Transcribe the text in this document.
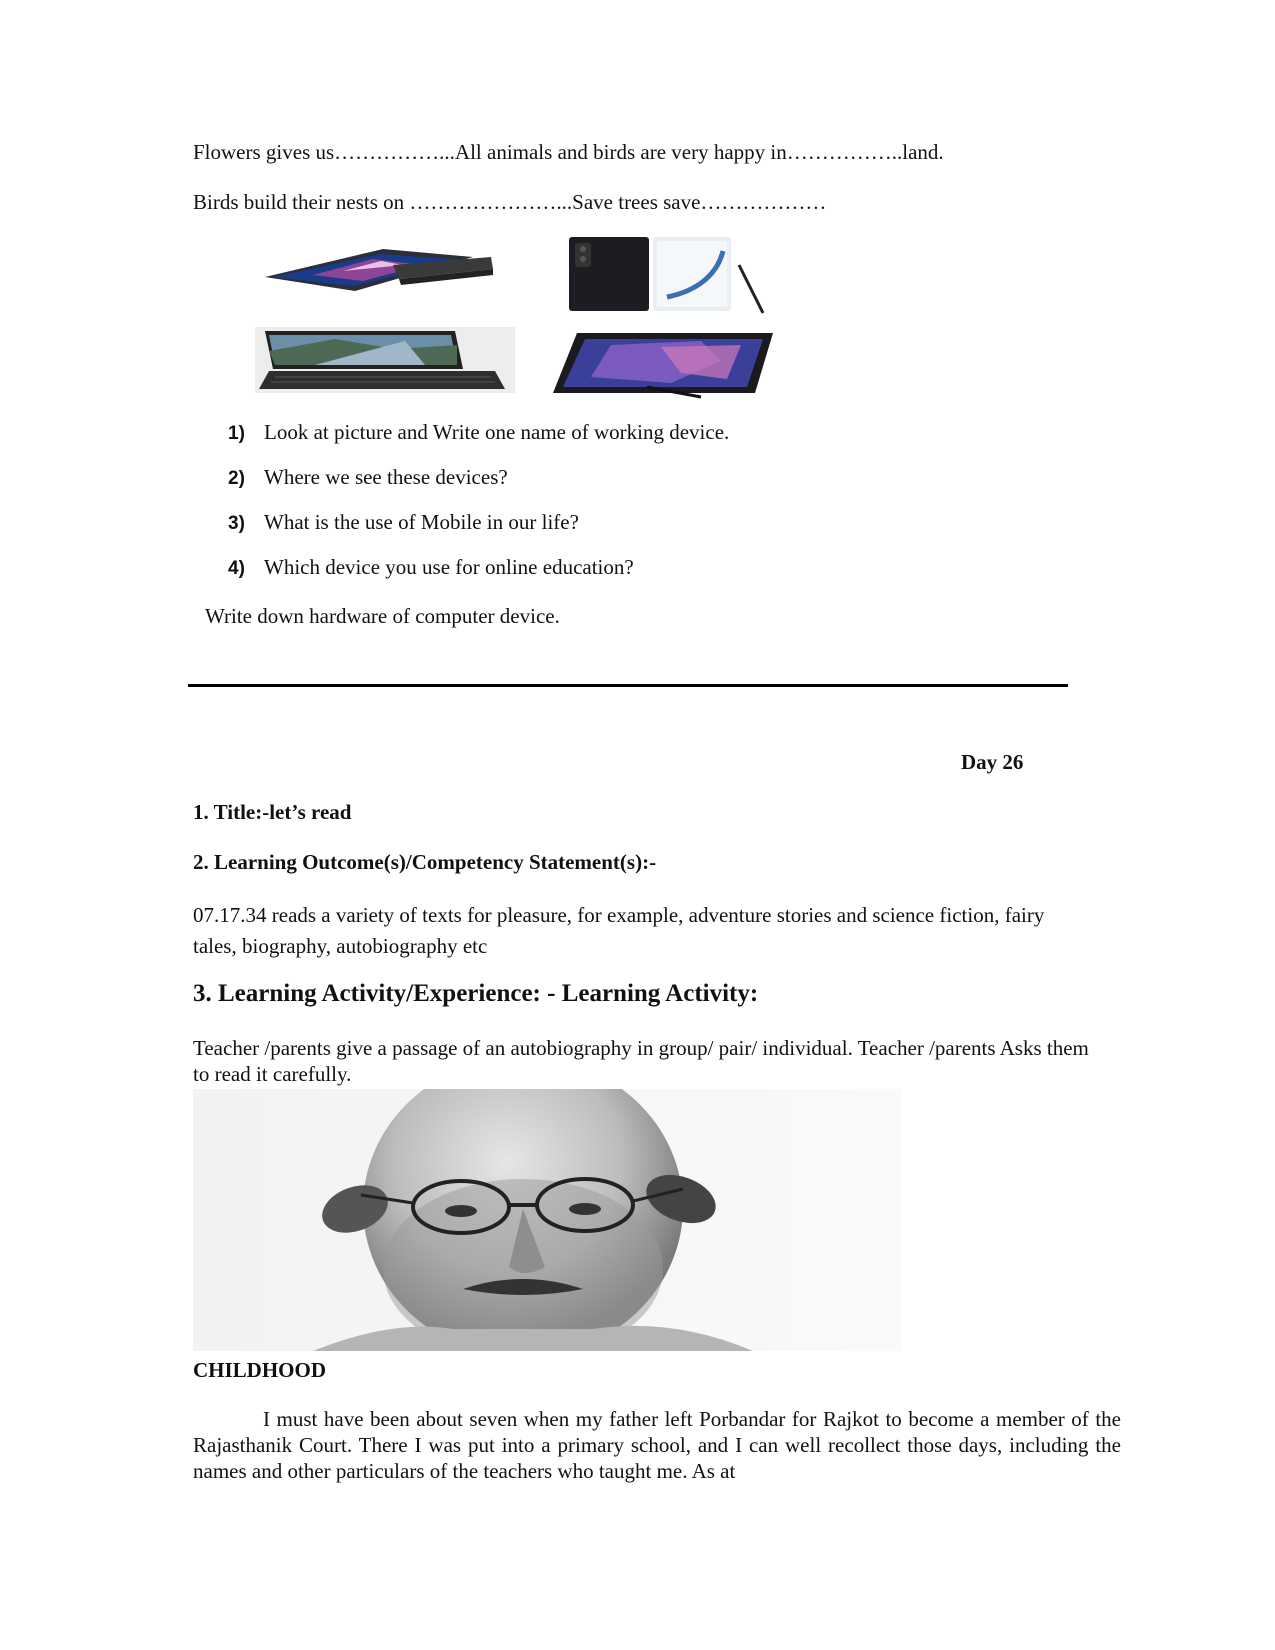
Flowers gives us……………...All animals and birds are very happy in……………..land.
Birds build their nests on …………………...Save trees save………………
1) Look at picture and Write one name of working device.
2) Where we see these devices?
3) What is the use of Mobile in our life?
4) Which device you use for online education?
Write down hardware of computer device.
Day 26
1. Title:-let’s read
2. Learning Outcome(s)/Competency Statement(s):-
07.17.34 reads a variety of texts for pleasure, for example, adventure stories and science fiction, fairy tales, biography, autobiography etc
3. Learning Activity/Experience: - Learning Activity:
Teacher /parents give a passage of an autobiography in group/ pair/ individual. Teacher /parents Asks them to read it carefully.
CHILDHOOD

I must have been about seven when my father left Porbandar for Rajkot to become a member of the Rajasthanik Court. There I was put into a primary school, and I can well recollect those days, including the names and other particulars of the teachers who taught me. As at
